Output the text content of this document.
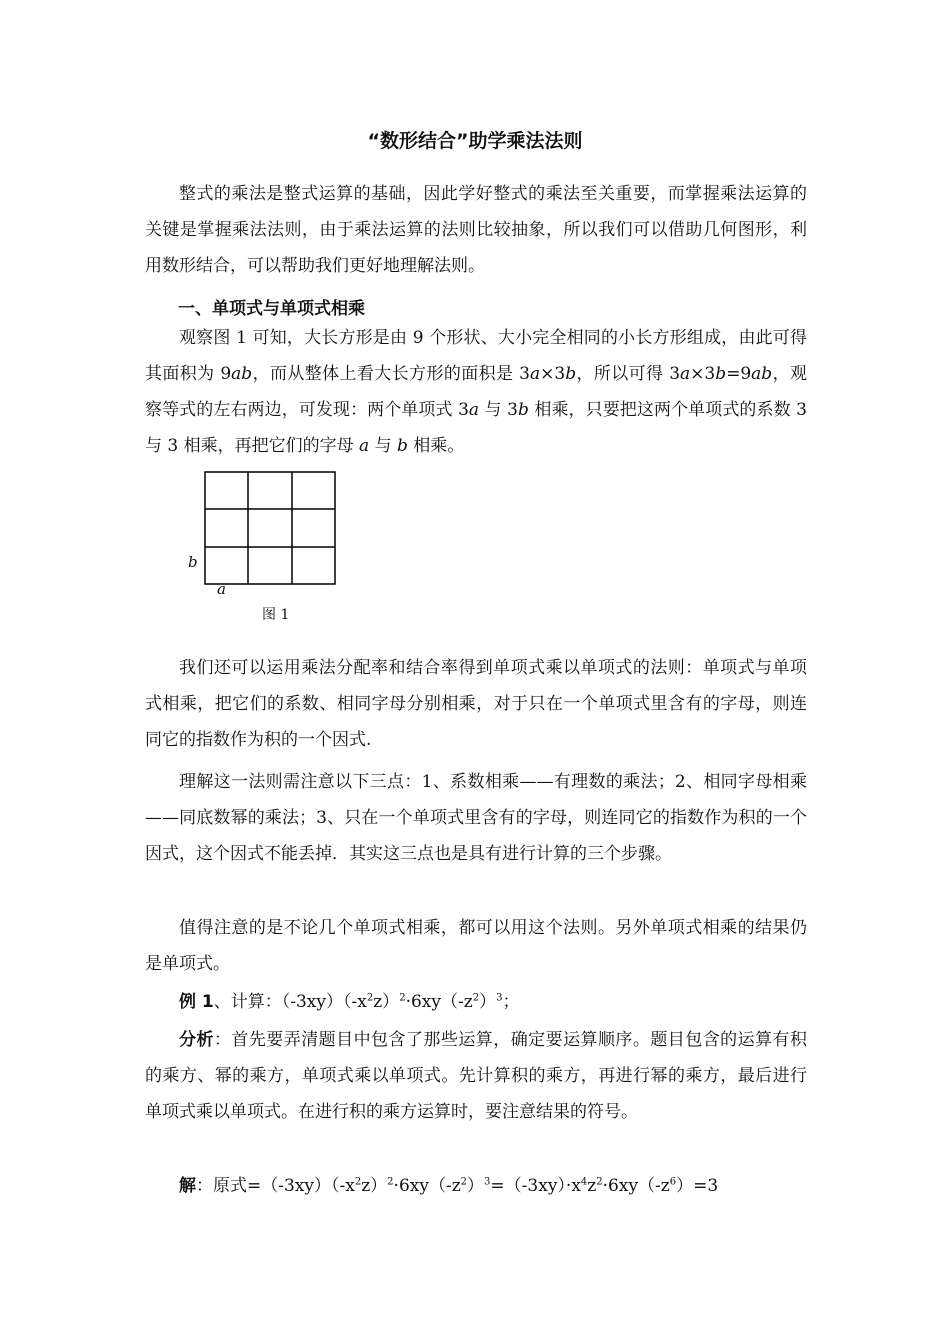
“数形结合”助学乘法法则
整式的乘法是整式运算的基础，因此学好整式的乘法至关重要，而掌握乘法运算的关键是掌握乘法法则，由于乘法运算的法则比较抽象，所以我们可以借助几何图形，利用数形结合，可以帮助我们更好地理解法则。
一、单项式与单项式相乘
观察图 1 可知，大长方形是由 9 个形状、大小完全相同的小长方形组成，由此可得其面积为 9ab，而从整体上看大长方形的面积是 3a×3b，所以可得 3a×3b=9ab，观察等式的左右两边，可发现：两个单项式 3a 与 3b 相乘，只要把这两个单项式的系数 3 与 3 相乘，再把它们的字母 a 与 b 相乘。
b
a
图 1
我们还可以运用乘法分配率和结合率得到单项式乘以单项式的法则：单项式与单项式相乘，把它们的系数、相同字母分别相乘，对于只在一个单项式里含有的字母，则连同它的指数作为积的一个因式.
理解这一法则需注意以下三点：1、系数相乘——有理数的乘法；2、相同字母相乘——同底数幂的乘法；3、只在一个单项式里含有的字母，则连同它的指数作为积的一个因式，这个因式不能丢掉．其实这三点也是具有进行计算的三个步骤。
值得注意的是不论几个单项式相乘，都可以用这个法则。另外单项式相乘的结果仍是单项式。
例 1、计算：$(-3xy)(-x^2z)^2\cdot 6xy(-z^2)^3$；
分析：首先要弄清题目中包含了那些运算，确定要运算顺序。题目包含的运算有积的乘方、幂的乘方，单项式乘以单项式。先计算积的乘方，再进行幂的乘方，最后进行单项式乘以单项式。在进行积的乘方运算时，要注意结果的符号。
解：原式$=(-3xy)(-x^2z)^2\cdot 6xy(-z^2)^3=(-3xy)\cdot x^4z^2\cdot 6xy(-z^6)=3$
